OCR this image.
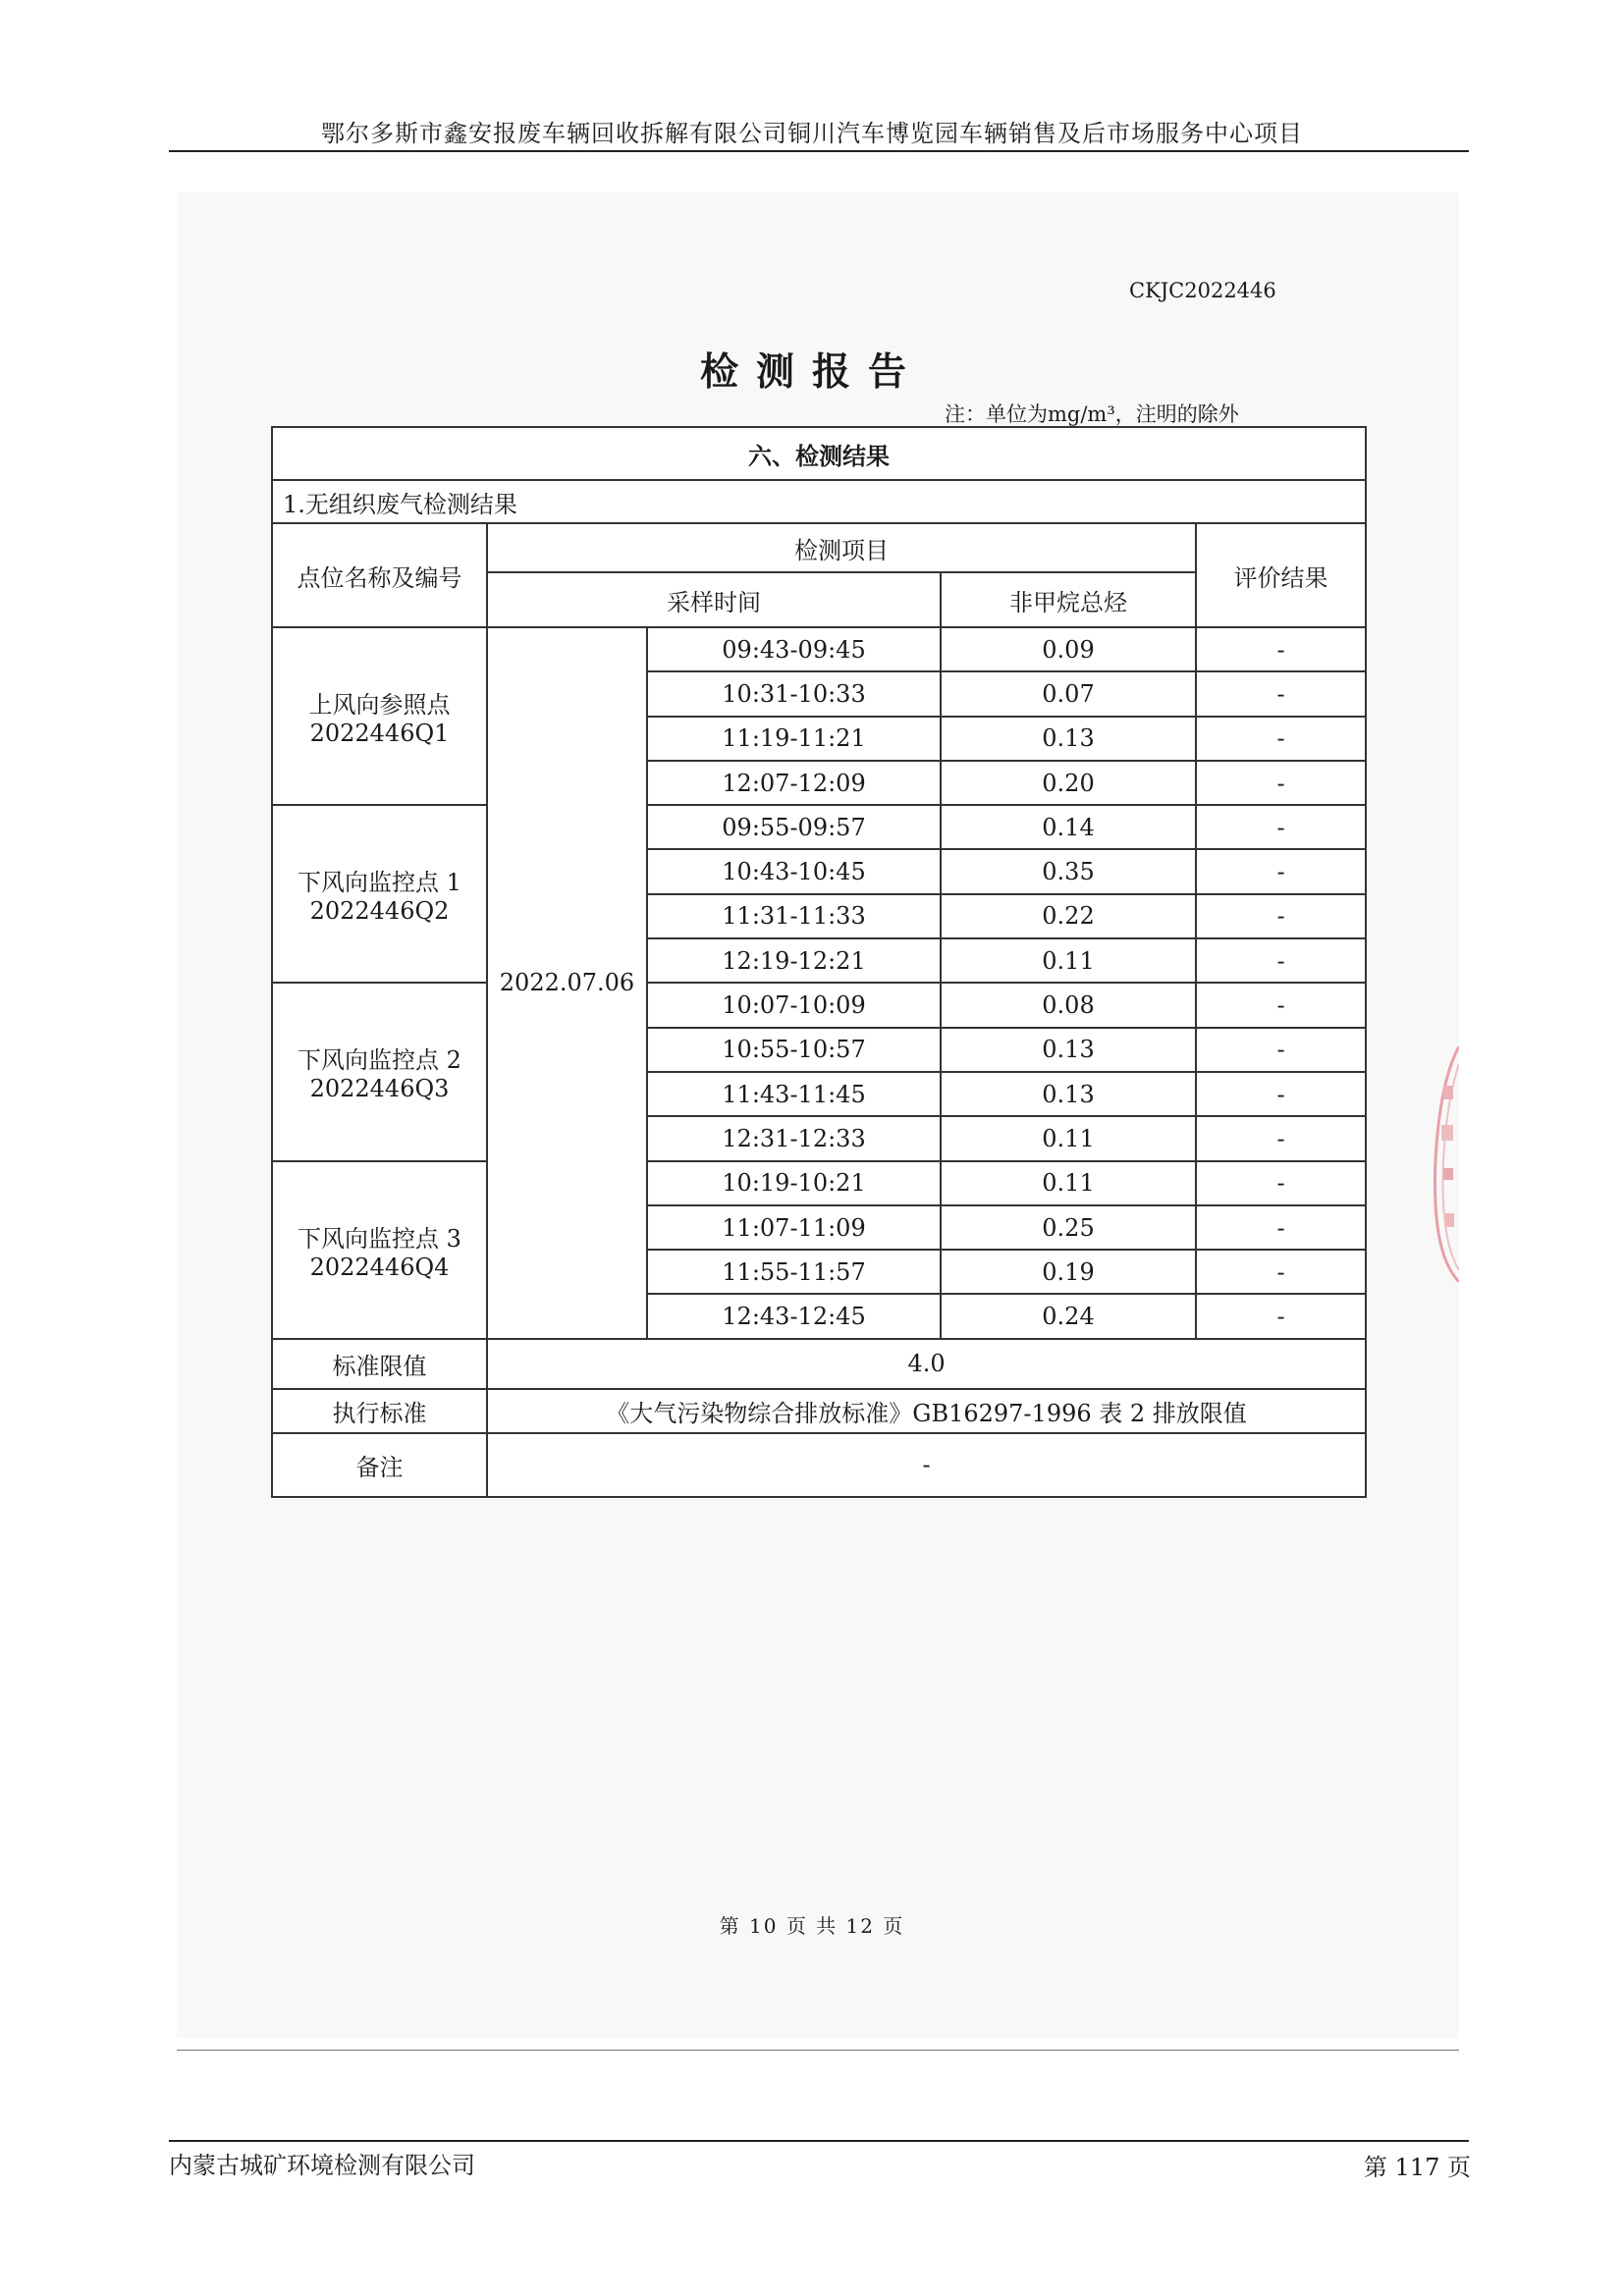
鄂尔多斯市鑫安报废车辆回收拆解有限公司铜川汽车博览园车辆销售及后市场服务中心项目
CKJC2022446
检测报告
注：单位为mg/m³，注明的除外
六、检测结果				
1.无组织废气检测结果				
点位名称及编号	检测项目			评价结果
	采样时间		非甲烷总烃	

上风向参照点
2022446Q1	2022.07.06	09:43-09:45	0.09	-
		10:31-10:33	0.07	-
		11:19-11:21	0.13	-
		12:07-12:09	0.20	-

下风向监控点 1
2022446Q2		09:55-09:57	0.14	-
		10:43-10:45	0.35	-
		11:31-11:33	0.22	-
		12:19-12:21	0.11	-

下风向监控点 2
2022446Q3		10:07-10:09	0.08	-
		10:55-10:57	0.13	-
		11:43-11:45	0.13	-
		12:31-12:33	0.11	-

下风向监控点 3
2022446Q4		10:19-10:21	0.11	-
		11:07-11:09	0.25	-
		11:55-11:57	0.19	-
		12:43-12:45	0.24	-
标准限值	4.0			
执行标准	《大气污染物综合排放标准》GB16297-1996 表 2 排放限值			
备注	-			
第 10 页 共 12 页
内蒙古城矿环境检测有限公司	第 117 页
